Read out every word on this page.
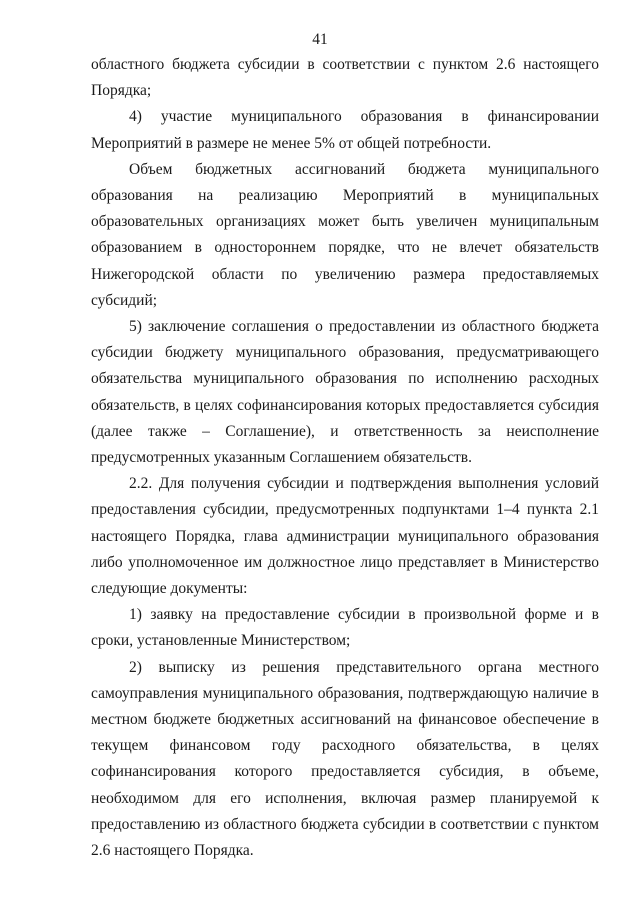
41

областного бюджета субсидии в соответствии с пунктом 2.6 настоящего Порядка;

4) участие муниципального образования в финансировании Мероприятий в размере не менее 5% от общей потребности.

Объем бюджетных ассигнований бюджета муниципального образования на реализацию Мероприятий в муниципальных образовательных организациях может быть увеличен муниципальным образованием в одностороннем порядке, что не влечет обязательств Нижегородской области по увеличению размера предоставляемых субсидий;

5) заключение соглашения о предоставлении из областного бюджета субсидии бюджету муниципального образования, предусматривающего обязательства муниципального образования по исполнению расходных обязательств, в целях софинансирования которых предоставляется субсидия (далее также – Соглашение), и ответственность за неисполнение предусмотренных указанным Соглашением обязательств.

2.2. Для получения субсидии и подтверждения выполнения условий предоставления субсидии, предусмотренных подпунктами 1–4 пункта 2.1 настоящего Порядка, глава администрации муниципального образования либо уполномоченное им должностное лицо представляет в Министерство следующие документы:

1) заявку на предоставление субсидии в произвольной форме и в сроки, установленные Министерством;

2) выписку из решения представительного органа местного самоуправления муниципального образования, подтверждающую наличие в местном бюджете бюджетных ассигнований на финансовое обеспечение в текущем финансовом году расходного обязательства, в целях софинансирования которого предоставляется субсидия, в объеме, необходимом для его исполнения, включая размер планируемой к предоставлению из областного бюджета субсидии в соответствии с пунктом 2.6 настоящего Порядка.
